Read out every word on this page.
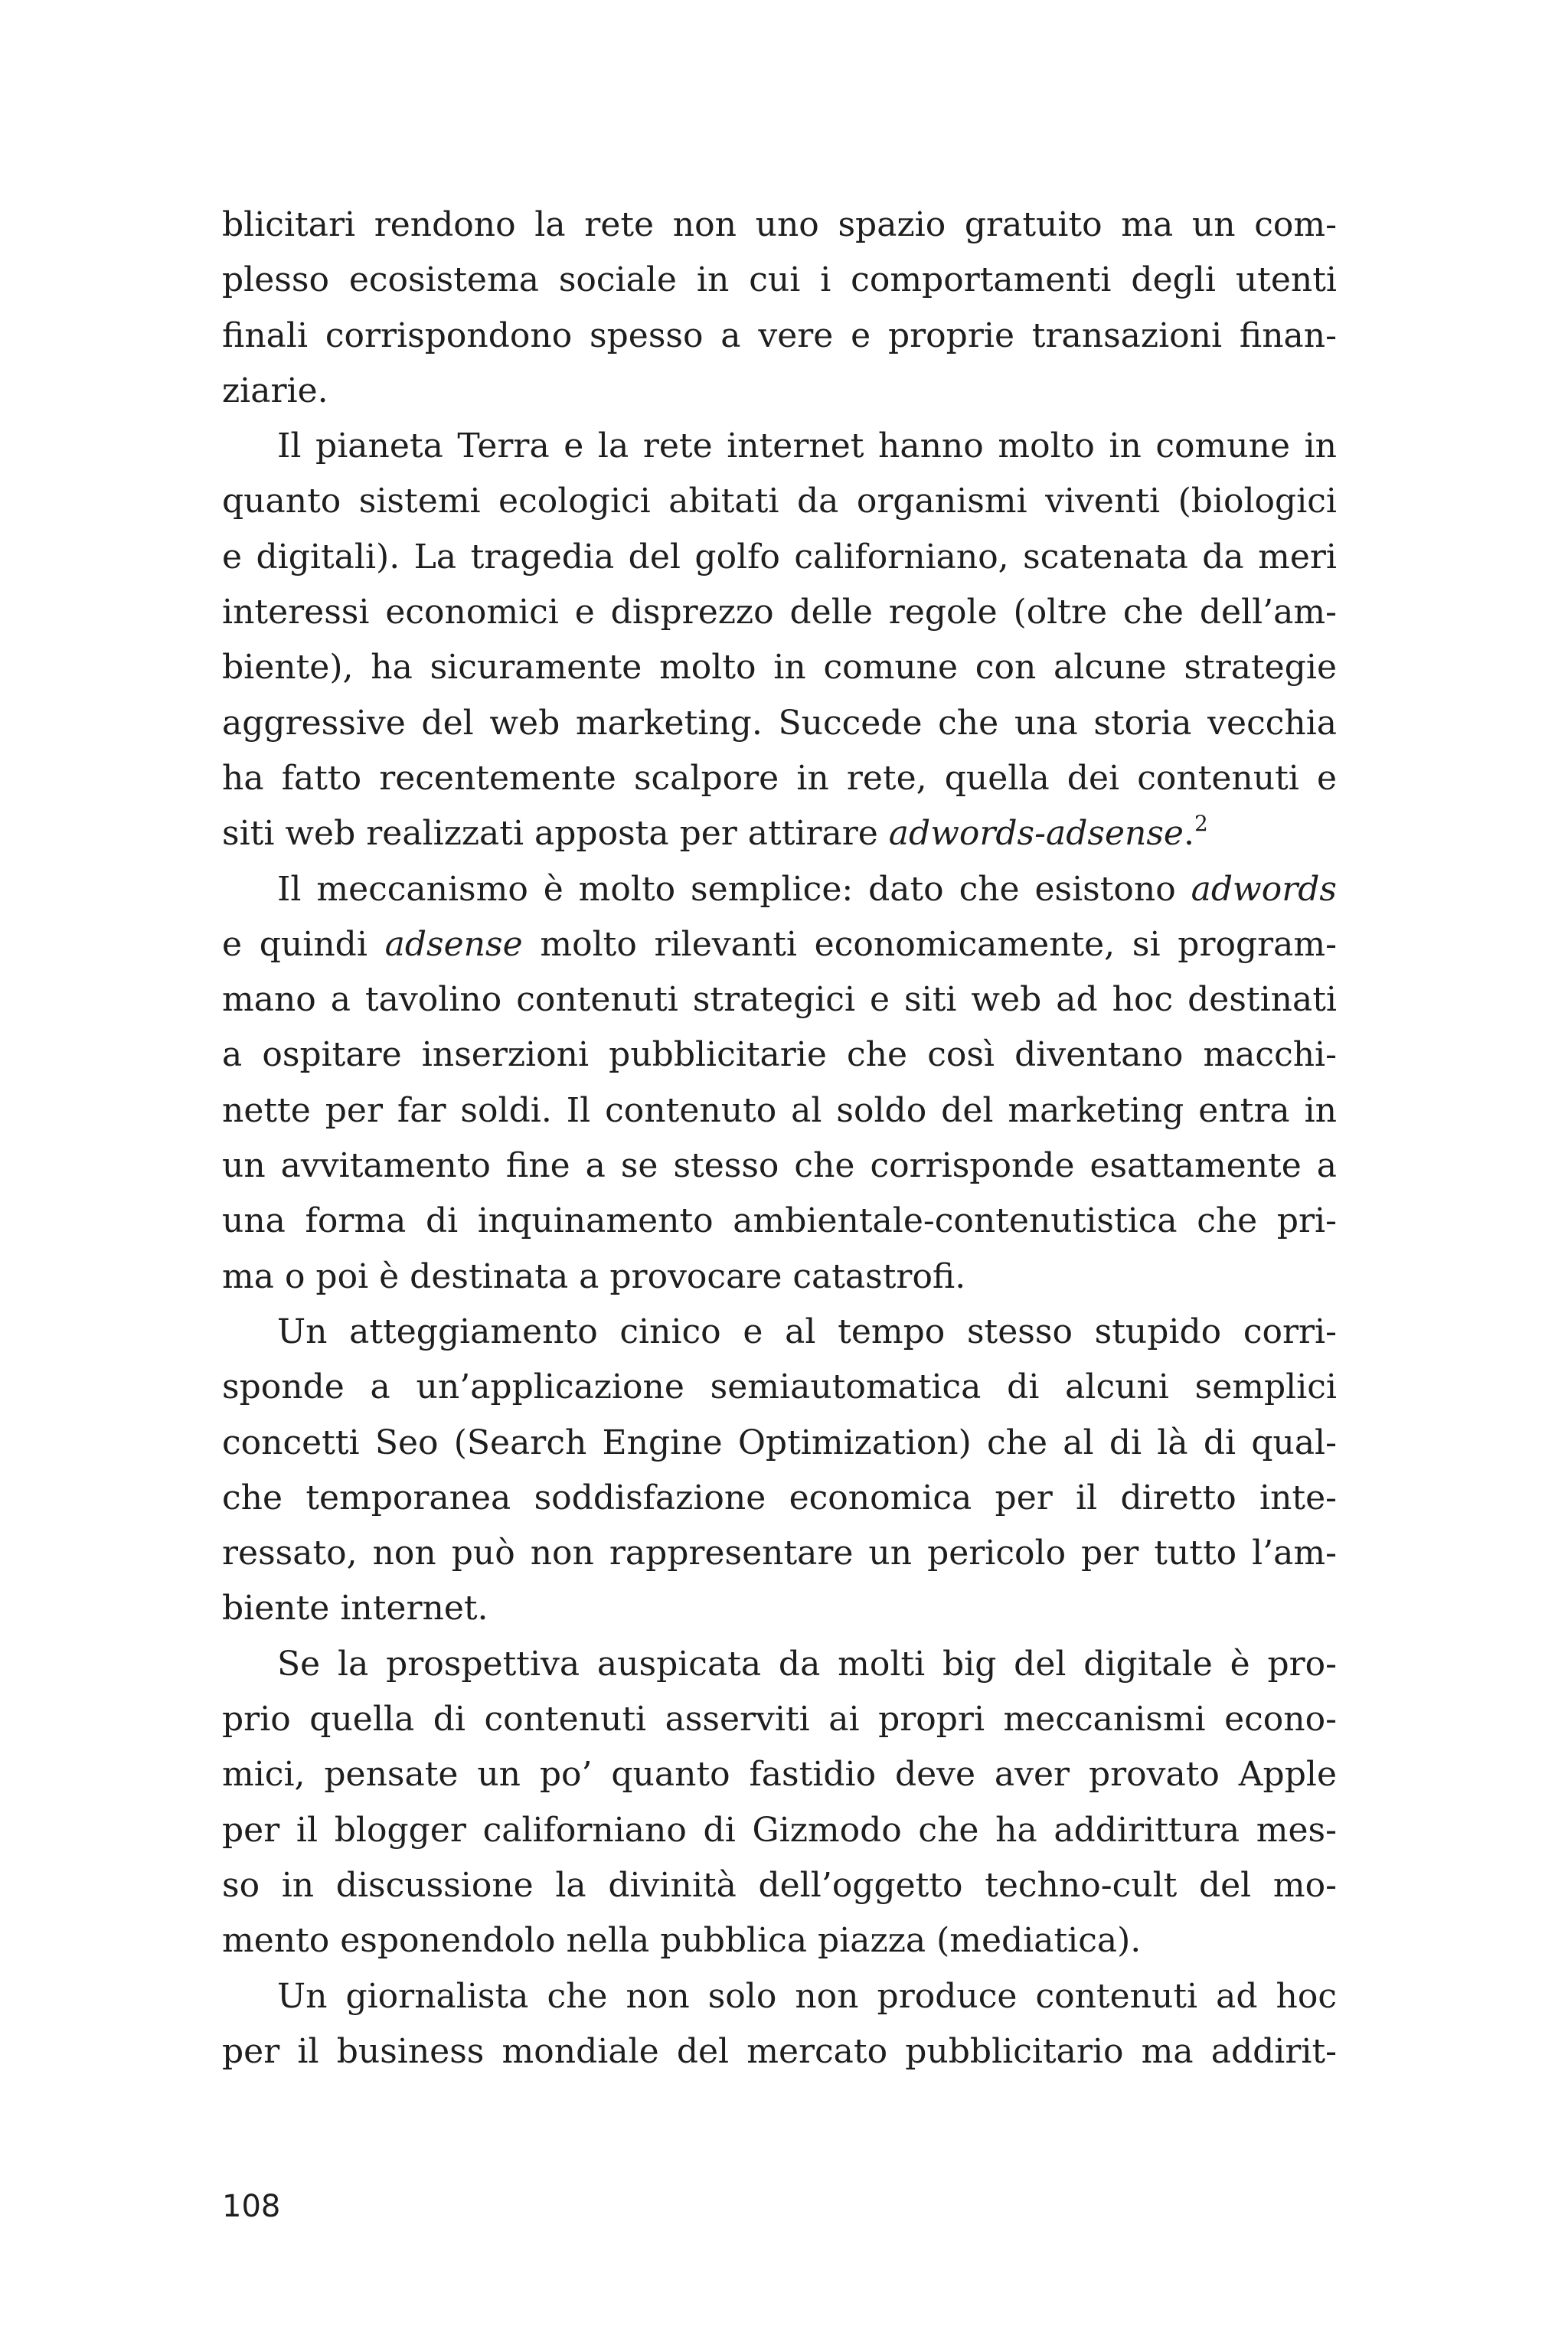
blicitari rendono la rete non uno spazio gratuito ma un com-
plesso ecosistema sociale in cui i comportamenti degli utenti
finali corrispondono spesso a vere e proprie transazioni finan-
ziarie.
Il pianeta Terra e la rete internet hanno molto in comune in
quanto sistemi ecologici abitati da organismi viventi (biologici
e digitali). La tragedia del golfo californiano, scatenata da meri
interessi economici e disprezzo delle regole (oltre che dell’am-
biente), ha sicuramente molto in comune con alcune strategie
aggressive del web marketing. Succede che una storia vecchia
ha fatto recentemente scalpore in rete, quella dei contenuti e
siti web realizzati apposta per attirare adwords-adsense.$^2$
Il meccanismo è molto semplice: dato che esistono adwords
e quindi adsense molto rilevanti economicamente, si program-
mano a tavolino contenuti strategici e siti web ad hoc destinati
a ospitare inserzioni pubblicitarie che così diventano macchi-
nette per far soldi. Il contenuto al soldo del marketing entra in
un avvitamento fine a se stesso che corrisponde esattamente a
una forma di inquinamento ambientale-contenutistica che pri-
ma o poi è destinata a provocare catastrofi.
Un atteggiamento cinico e al tempo stesso stupido corri-
sponde a un’applicazione semiautomatica di alcuni semplici
concetti Seo (Search Engine Optimization) che al di là di qual-
che temporanea soddisfazione economica per il diretto inte-
ressato, non può non rappresentare un pericolo per tutto l’am-
biente internet.
Se la prospettiva auspicata da molti big del digitale è pro-
prio quella di contenuti asserviti ai propri meccanismi econo-
mici, pensate un po’ quanto fastidio deve aver provato Apple
per il blogger californiano di Gizmodo che ha addirittura mes-
so in discussione la divinità dell’oggetto techno-cult del mo-
mento esponendolo nella pubblica piazza (mediatica).
Un giornalista che non solo non produce contenuti ad hoc
per il business mondiale del mercato pubblicitario ma addirit-
108
